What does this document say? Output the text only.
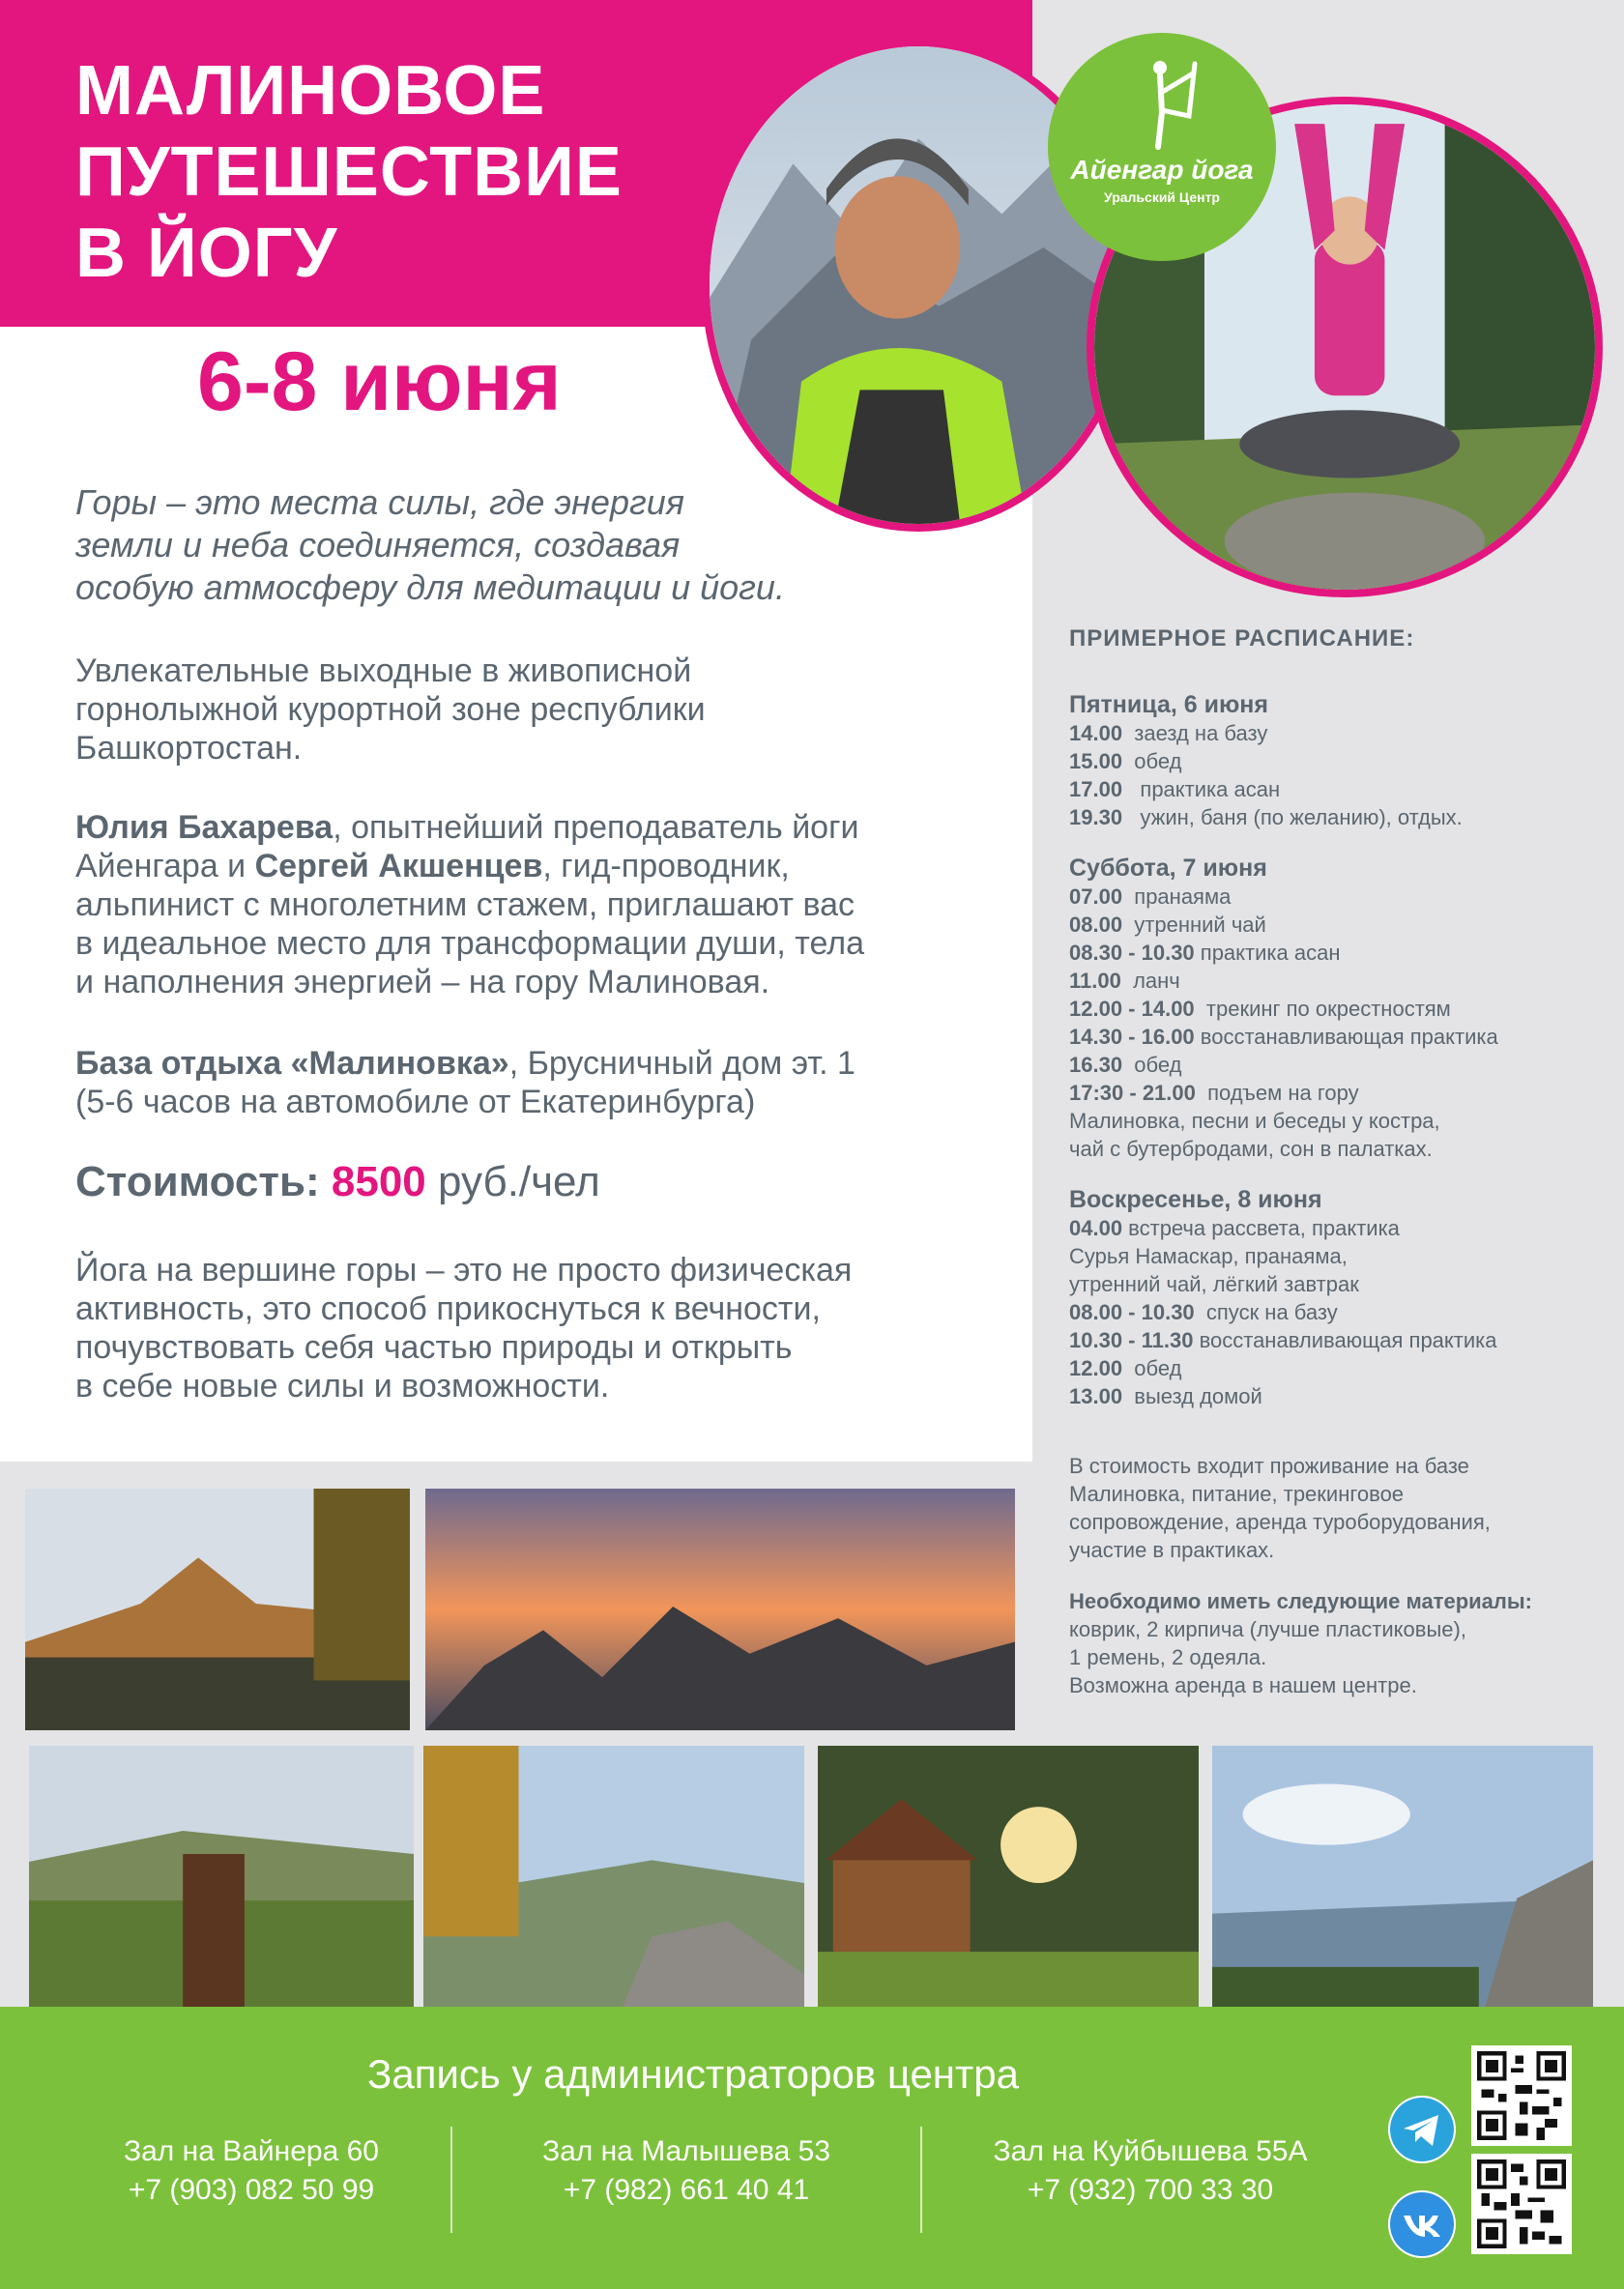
МАЛИНОВОЕ
ПУТЕШЕСТВИЕ
В ЙОГУ
6-8 июня
Айенгар йога
Уральский Центр
Горы – это места силы, где энергия
земли и неба соединяется, создавая
особую атмосферу для медитации и йоги.
Увлекательные выходные в живописной
горнолыжной курортной зоне республики
Башкортостан.
Юлия Бахарева, опытнейший преподаватель йоги
Айенгара и Сергей Акшенцев, гид-проводник,
альпинист с многолетним стажем, приглашают вас
в идеальное место для трансформации души, тела
и наполнения энергией – на гору Малиновая.
База отдыха «Малиновка», Брусничный дом эт. 1
(5-6 часов на автомобиле от Екатеринбурга)
Стоимость: 8500 руб./чел
Йога на вершине горы – это не просто физическая
активность, это способ прикоснуться к вечности,
почувствовать себя частью природы и открыть
в себе новые силы и возможности.
ПРИМЕРНОЕ РАСПИСАНИЕ:
Пятница, 6 июня
14.00  заезд на базу
15.00  обед
17.00   практика асан
19.30   ужин, баня (по желанию), отдых.
Суббота, 7 июня
07.00  пранаяма
08.00  утренний чай
08.30 - 10.30 практика асан
11.00  ланч
12.00 - 14.00  трекинг по окрестностям
14.30 - 16.00 восстанавливающая практика
16.30  обед
17:30 - 21.00  подъем на гору
Малиновка, песни и беседы у костра,
чай с бутербродами, сон в палатках.
Воскресенье, 8 июня
04.00 встреча рассвета, практика
Сурья Намаскар, пранаяма,
утренний чай, лёгкий завтрак
08.00 - 10.30  спуск на базу
10.30 - 11.30 восстанавливающая практика
12.00  обед
13.00  выезд домой
В стоимость входит проживание на базе
Малиновка, питание, трекинговое
сопровождение, аренда туроборудования,
участие в практиках.
Необходимо иметь следующие материалы:
коврик, 2 кирпича (лучше пластиковые),
1 ремень, 2 одеяла.
Возможна аренда в нашем центре.
Запись у администраторов центра
Зал на Вайнера 60
+7 (903) 082 50 99
Зал на Малышева 53
+7 (982) 661 40 41
Зал на Куйбышева 55А
+7 (932) 700 33 30
